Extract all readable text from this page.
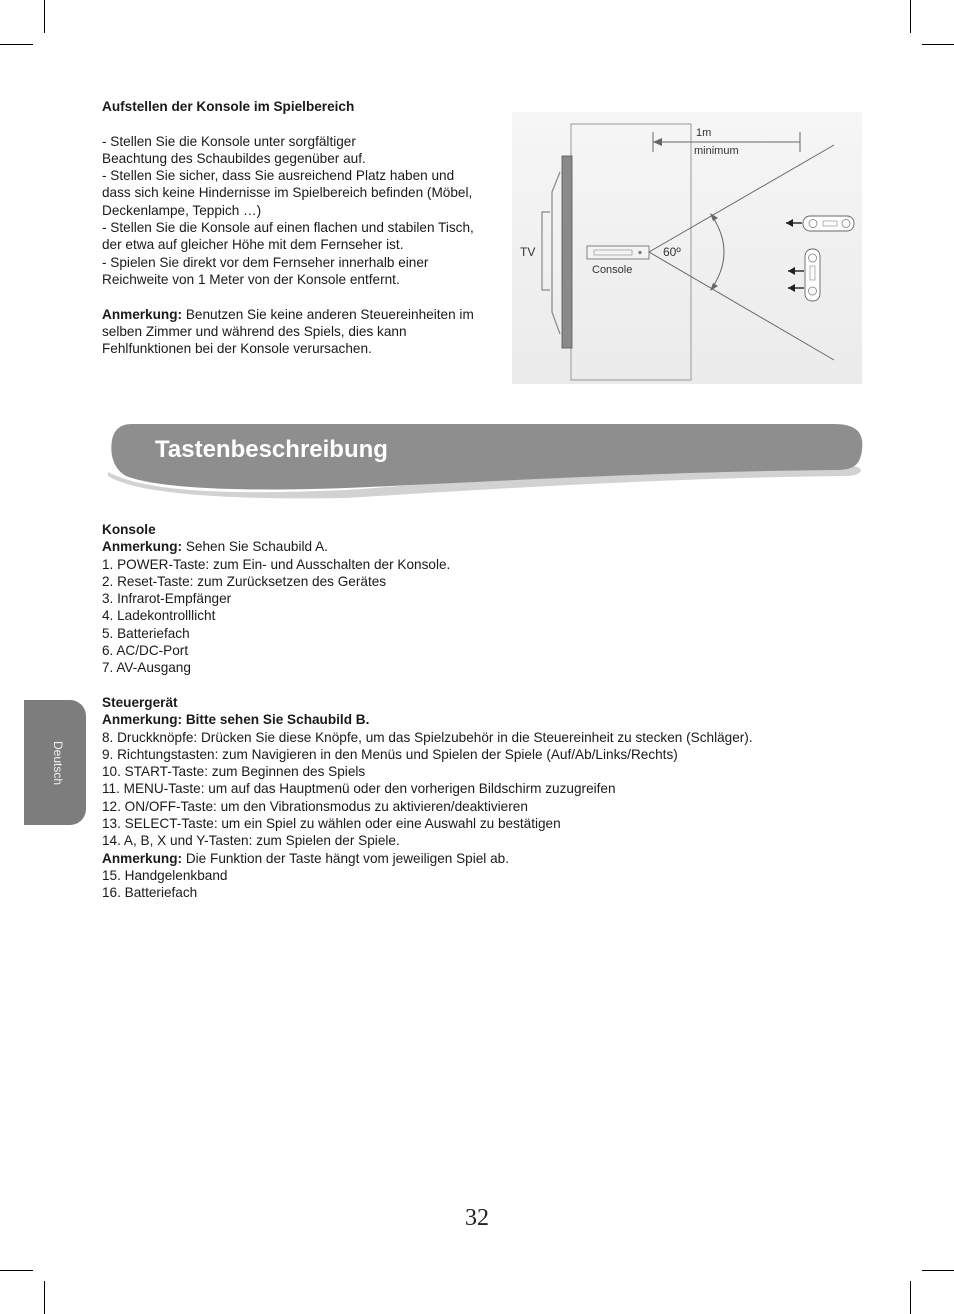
Aufstellen der Konsole im Spielbereich

- Stellen Sie die Konsole unter sorgfältiger

Beachtung des Schaubildes gegenüber auf.

- Stellen Sie sicher, dass Sie ausreichend Platz haben und

dass sich keine Hindernisse im Spielbereich befinden (Möbel,

Deckenlampe, Teppich …)

- Stellen Sie die Konsole auf einen flachen und stabilen Tisch,

der etwa auf gleicher Höhe mit dem Fernseher ist.

- Spielen Sie direkt vor dem Fernseher innerhalb einer

Reichweite von 1 Meter von der Konsole entfernt.

Anmerkung: Benutzen Sie keine anderen Steuereinheiten im

selben Zimmer und während des Spiels, dies kann

Fehlfunktionen bei der Konsole verursachen.

TV
Console
60º
1m
minimum
Tastenbeschreibung

Konsole

Anmerkung: Sehen Sie Schaubild A.

1. POWER-Taste: zum Ein- und Ausschalten der Konsole.

2. Reset-Taste: zum Zurücksetzen des Gerätes

3. Infrarot-Empfänger

4. Ladekontrolllicht

5. Batteriefach

6. AC/DC-Port

7. AV-Ausgang

Steuergerät

Anmerkung: Bitte sehen Sie Schaubild B.

8. Druckknöpfe: Drücken Sie diese Knöpfe, um das Spielzubehör in die Steuereinheit zu stecken (Schläger).

9. Richtungstasten: zum Navigieren in den Menüs und Spielen der Spiele (Auf/Ab/Links/Rechts)

10. START-Taste: zum Beginnen des Spiels

11. MENU-Taste: um auf das Hauptmenü oder den vorherigen Bildschirm zuzugreifen

12. ON/OFF-Taste: um den Vibrationsmodus zu aktivieren/deaktivieren

13. SELECT-Taste: um ein Spiel zu wählen oder eine Auswahl zu bestätigen

14. A, B, X und Y-Tasten: zum Spielen der Spiele.

Anmerkung: Die Funktion der Taste hängt vom jeweiligen Spiel ab.

15. Handgelenkband

16. Batteriefach

Deutsch
32
